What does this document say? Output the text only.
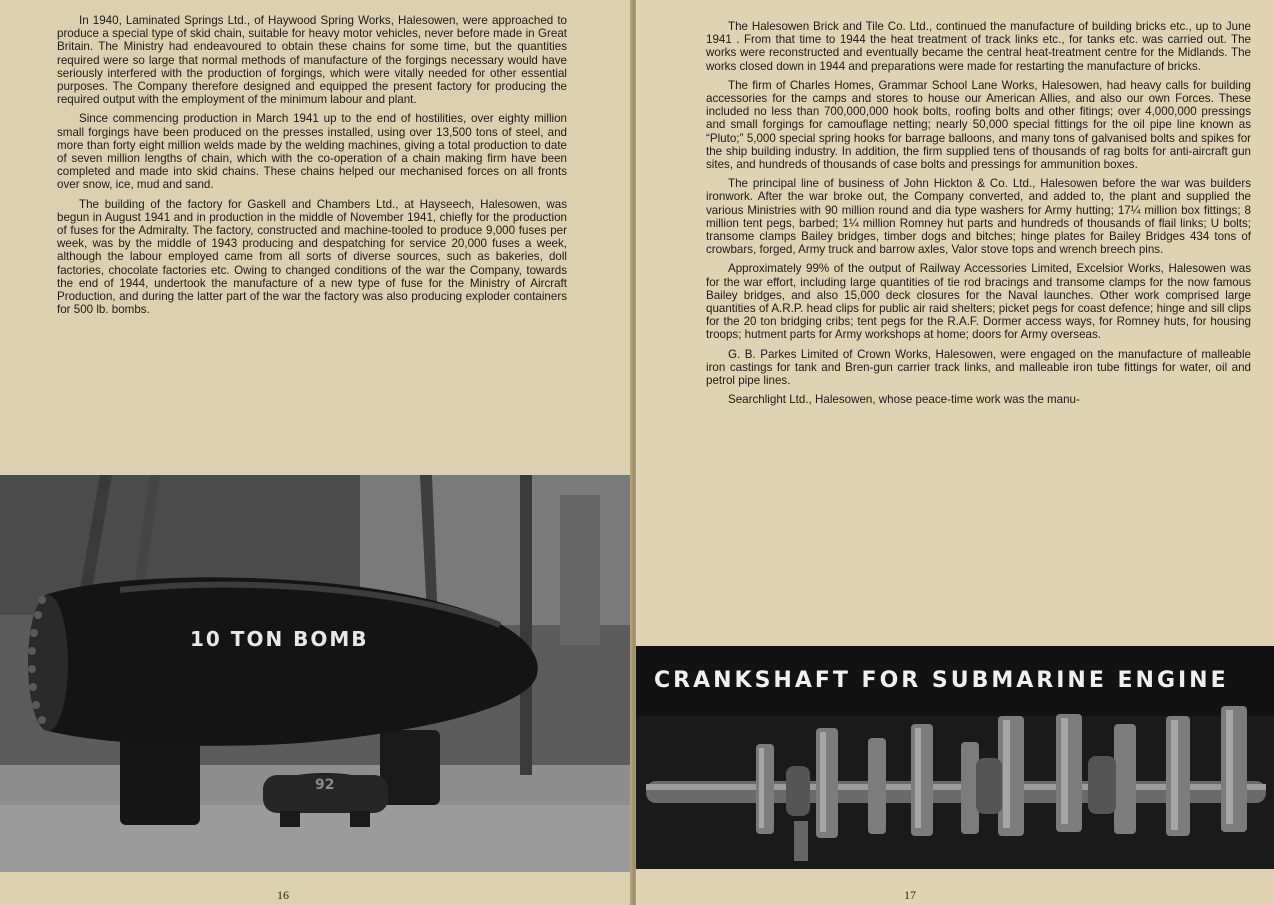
In 1940, Laminated Springs Ltd., of Haywood Spring Works, Halesowen, were approached to produce a special type of skid chain, suitable for heavy motor vehicles, never before made in Great Britain. The Ministry had endeavoured to obtain these chains for some time, but the quantities required were so large that normal methods of manufacture of the forgings necessary would have seriously interfered with the production of forgings, which were vitally needed for other essential purposes. The Company therefore designed and equipped the present factory for producing the required output with the employment of the minimum labour and plant.

Since commencing production in March 1941 up to the end of hostilities, over eighty million small forgings have been produced on the presses installed, using over 13,500 tons of steel, and more than forty eight million welds made by the welding machines, giving a total production to date of seven million lengths of chain, which with the co-operation of a chain making firm have been completed and made into skid chains. These chains helped our mechanised forces on all fronts over snow, ice, mud and sand.

The building of the factory for Gaskell and Chambers Ltd., at Hayseech, Halesowen, was begun in August 1941 and in production in the middle of November 1941, chiefly for the production of fuses for the Admiralty. The factory, constructed and machine-tooled to produce 9,000 fuses per week, was by the middle of 1943 producing and despatching for service 20,000 fuses a week, although the labour employed came from all sorts of diverse sources, such as bakeries, doll factories, chocolate factories etc. Owing to changed conditions of the war the Company, towards the end of 1944, undertook the manufacture of a new type of fuse for the Ministry of Aircraft Production, and during the latter part of the war the factory was also producing exploder containers for 500 lb. bombs.

10 TON BOMB
92
16

The Halesowen Brick and Tile Co. Ltd., continued the manufacture of building bricks etc., up to June 1941 . From that time to 1944 the heat treatment of track links etc., for tanks etc. was carried out. The works were reconstructed and eventually became the central heat-treatment centre for the Midlands. The works closed down in 1944 and preparations were made for restarting the manufacture of bricks.

The firm of Charles Homes, Grammar School Lane Works, Halesowen, had heavy calls for building accessories for the camps and stores to house our American Allies, and also our own Forces. These included no less than 700,000,000 hook bolts, roofing bolts and other fitings; over 4,000,000 pressings and small forgings for camouflage netting; nearly 50,000 special fittings for the oil pipe line known as “Pluto;” 5,000 special spring hooks for barrage balloons, and many tons of galvanised bolts and spikes for the ship building industry. In addition, the firm supplied tens of thousands of rag bolts for anti-aircraft gun sites, and hundreds of thousands of case bolts and pressings for ammunition boxes.

The principal line of business of John Hickton & Co. Ltd., Halesowen before the war was builders ironwork. After the war broke out, the Company converted, and added to, the plant and supplied the various Ministries with 90 million round and dia type washers for Army hutting; 17¼ million box fittings; 8 million tent pegs, barbed; 1¼ million Romney hut parts and hundreds of thousands of flail links; U bolts; transome clamps Bailey bridges, timber dogs and bitches; hinge plates for Bailey Bridges 434 tons of crowbars, forged, Army truck and barrow axles, Valor stove tops and wrench breech pins.

Approximately 99% of the output of Railway Accessories Limited, Excelsior Works, Halesowen was for the war effort, including large quantities of tie rod bracings and transome clamps for the now famous Bailey bridges, and also 15,000 deck closures for the Naval launches. Other work comprised large quantities of A.R.P. head clips for public air raid shelters; picket pegs for coast defence; hinge and sill clips for the 20 ton bridging cribs; tent pegs for the R.A.F. Dormer access ways, for Romney huts, for housing troops; hutment parts for Army workshops at home; doors for Army overseas.

G. B. Parkes Limited of Crown Works, Halesowen, were engaged on the manufacture of malleable iron castings for tank and Bren-gun carrier track links, and malleable iron tube fittings for water, oil and petrol pipe lines.

Searchlight Ltd., Halesowen, whose peace-time work was the manu-

CRANKSHAFT FOR SUBMARINE ENGINE
17
